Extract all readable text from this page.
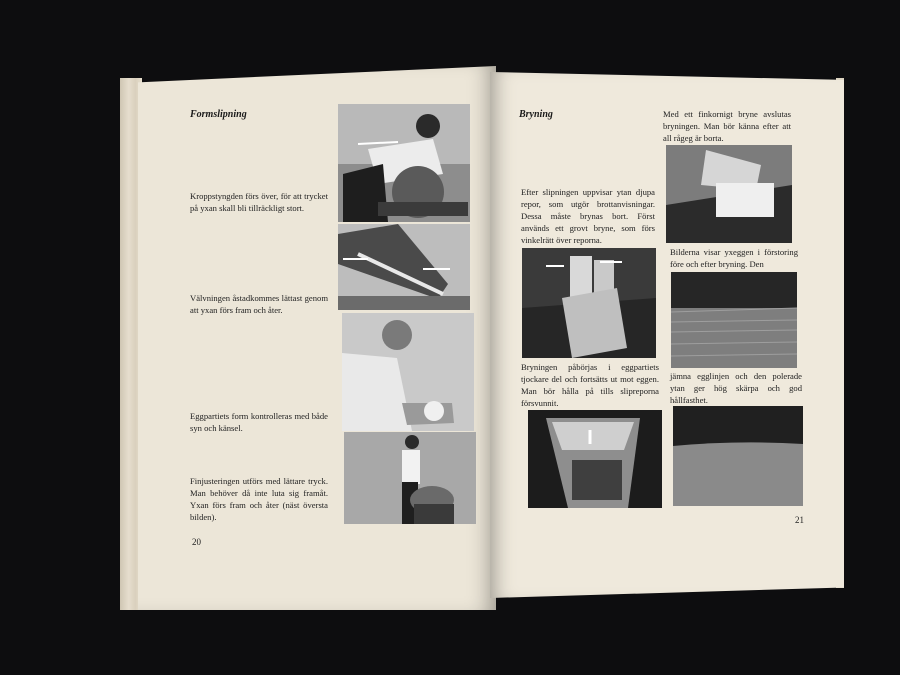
Formslipning
Kroppstyngden förs över, för att trycket på yxan skall bli tillräckligt stort.
Välvningen åstadkommes lättast genom att yxan förs fram och åter.
Eggpartiets form kontrolleras med både syn och känsel.
Finjusteringen utförs med lättare tryck. Man behöver då inte luta sig framåt. Yxan förs fram och åter (näst översta bilden).
20
Bryning
Efter slipningen uppvisar ytan djupa repor, som utgör brottanvisningar. Dessa måste brynas bort. Först används ett grovt bryne, som förs vinkelrätt över reporna.
Bryningen påbörjas i eggpartiets tjockare del och fortsätts ut mot eggen. Man bör hålla på tills slipreporna försvunnit.
Med ett finkornigt bryne avslutas bryningen. Man bör känna efter att all rågeg är borta.
Bilderna visar yxeggen i förstoring före och efter bryning. Den
jämna egglinjen och den polerade ytan ger hög skärpa och god hållfasthet.
21
